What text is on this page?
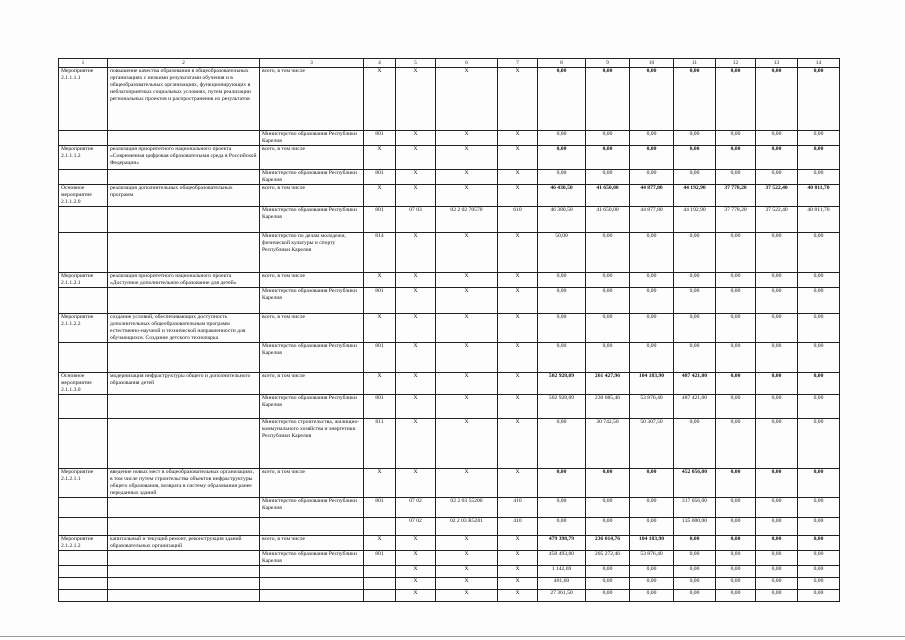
1	2	3	4	5	6	7	8	9	10	11	12	13	14
Мероприятие 2.1.1.1.1	повышение качества образования в общеобразовательных организациях с низкими результатами обучения и в общеобразовательных организациях, функционирующих в неблагоприятных социальных условиях, путем реализации региональных проектов и распространения их результатов	всего, в том числе	X	X	X	X	0,00	0,00	0,00	0,00	0,00	0,00	0,00
		Министерство образования Республики Карелия	801	X	X	X	0,00	0,00	0,00	0,00	0,00	0,00	0,00
Мероприятие 2.1.1.1.2	реализация приоритетного национального проекта «Современная цифровая образовательная среда в Российской Федерации»	всего, в том числе	X	X	X	X	0,00	0,00	0,00	0,00	0,00	0,00	0,00
		Министерство образования Республики Карелия	801	X	X	X	0,00	0,00	0,00	0,00	0,00	0,00	0,00
Основное мероприятие 2.1.1.2.0	реализация дополнительных общеобразовательных программ	всего, в том числе	X	X	X	X	46 430,50	41 650,00	44 877,80	44 192,90	37 778,20	37 522,40	40 811,70
		Министерство образования Республики Карелия	801	07 03	02 2 02 70570	610	46 380,50	41 650,00	44 877,80	44 192,90	37 778,20	37 522,40	40 811,70
		Министерство по делам молодежи, физической культуры и спорту Республики Карелия	814	X	X	X	50,00	0,00	0,00	0,00	0,00	0,00	0,00
Мероприятие 2.1.1.2.1	реализация приоритетного национального проекта «Доступное дополнительное образование для детей»	всего, в том числе	X	X	X	X	0,00	0,00	0,00	0,00	0,00	0,00	0,00
		Министерство образования Республики Карелия	801	X	X	X	0,00	0,00	0,00	0,00	0,00	0,00	0,00
Мероприятие 2.1.1.2.2	создание условий, обеспечивающих доступность дополнительных общеобразовательным программ естественно-научной и технической направленности для обучающихся. Создание детского технопарка	всего, в том числе	X	X	X	X	0,00	0,00	0,00	0,00	0,00	0,00	0,00
		Министерство образования Республики Карелия	801	X	X	X	0,00	0,00	0,00	0,00	0,00	0,00	0,00
Основное мероприятие 2.1.1.3.0	модернизация инфраструктуры общего и дополнительного образования детей	всего, в том числе	X	X	X	X	502 928,09	261 427,96	104 183,90	487 421,00	0,00	0,00	0,00
		Министерство образования Республики Карелия	801	X	X	X	502 928,09	230 685,46	53 876,40	487 421,00	0,00	0,00	0,00
		Министерство строительства, жилищно-коммунального хозяйства и энергетики Республики Карелия	811	X	X	X	0,00	30 742,50	50 307,50	0,00	0,00	0,00	0,00
Мероприятие 2.1.2.1.1	введение новых мест в общеобразовательных организациях, в том числе путем строительства объектов инфраструктуры общего образования, возврата в систему образования ранее переданных зданий	всего, в том числе	X	X	X	X	0,00	0,00	0,00	452 056,00	0,00	0,00	0,00
		Министерство образования Республики Карелия	801	07 02	02 2 03 55200	410	0,00	0,00	0,00	317 056,00	0,00	0,00	0,00
				07 02	02 2 03 R5201	410	0,00	0,00	0,00	135 000,00	0,00	0,00	0,00
Мероприятие 2.1.2.1.2	капитальный и текущий ремонт, реконструкция зданий образовательных организаций	всего, в том числе	X	X	X	X	479 398,79	236 014,76	104 183,90	0,00	0,00	0,00	0,00
		Министерство образования Республики Карелия	801	X	X	X	450 493,00	205 272,46	53 876,40	0,00	0,00	0,00	0,00
				X	X	X	1 142,69	0,00	0,00	0,00	0,00	0,00	0,00
				X	X	X	401,60	0,00	0,00	0,00	0,00	0,00	0,00
				X	X	X	27 361,50	0,00	0,00	0,00	0,00	0,00	0,00
